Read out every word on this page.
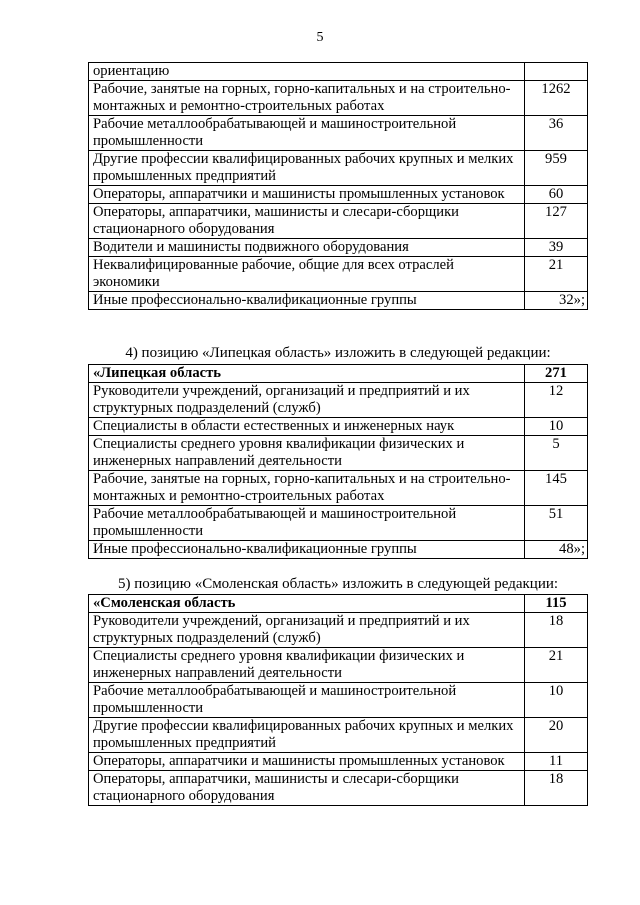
5
ориентацию	
Рабочие, занятые на горных, горно-капитальных и на строительно-монтажных и ремонтно-строительных работах	1262
Рабочие металлообрабатывающей и машиностроительной промышленности	36
Другие профессии квалифицированных рабочих крупных и мелких промышленных предприятий	959
Операторы, аппаратчики и машинисты промышленных установок	60
Операторы, аппаратчики, машинисты и слесари-сборщики стационарного оборудования	127
Водители и машинисты подвижного оборудования	39
Неквалифицированные рабочие, общие для всех отраслей экономики	21
Иные профессионально-квалификационные группы	32»;
4) позицию «Липецкая область» изложить в следующей редакции:
«Липецкая область	271
Руководители учреждений, организаций и предприятий и их структурных подразделений (служб)	12
Специалисты в области естественных и инженерных наук	10
Специалисты среднего уровня квалификации физических и инженерных направлений деятельности	5
Рабочие, занятые на горных, горно-капитальных и на строительно-монтажных и ремонтно-строительных работах	145
Рабочие металлообрабатывающей и машиностроительной промышленности	51
Иные профессионально-квалификационные группы	48»;
5) позицию «Смоленская область» изложить в следующей редакции:
«Смоленская область	115
Руководители учреждений, организаций и предприятий и их структурных подразделений (служб)	18
Специалисты среднего уровня квалификации физических и инженерных направлений деятельности	21
Рабочие металлообрабатывающей и машиностроительной промышленности	10
Другие профессии квалифицированных рабочих крупных и мелких промышленных предприятий	20
Операторы, аппаратчики и машинисты промышленных установок	11
Операторы, аппаратчики, машинисты и слесари-сборщики стационарного оборудования	18
